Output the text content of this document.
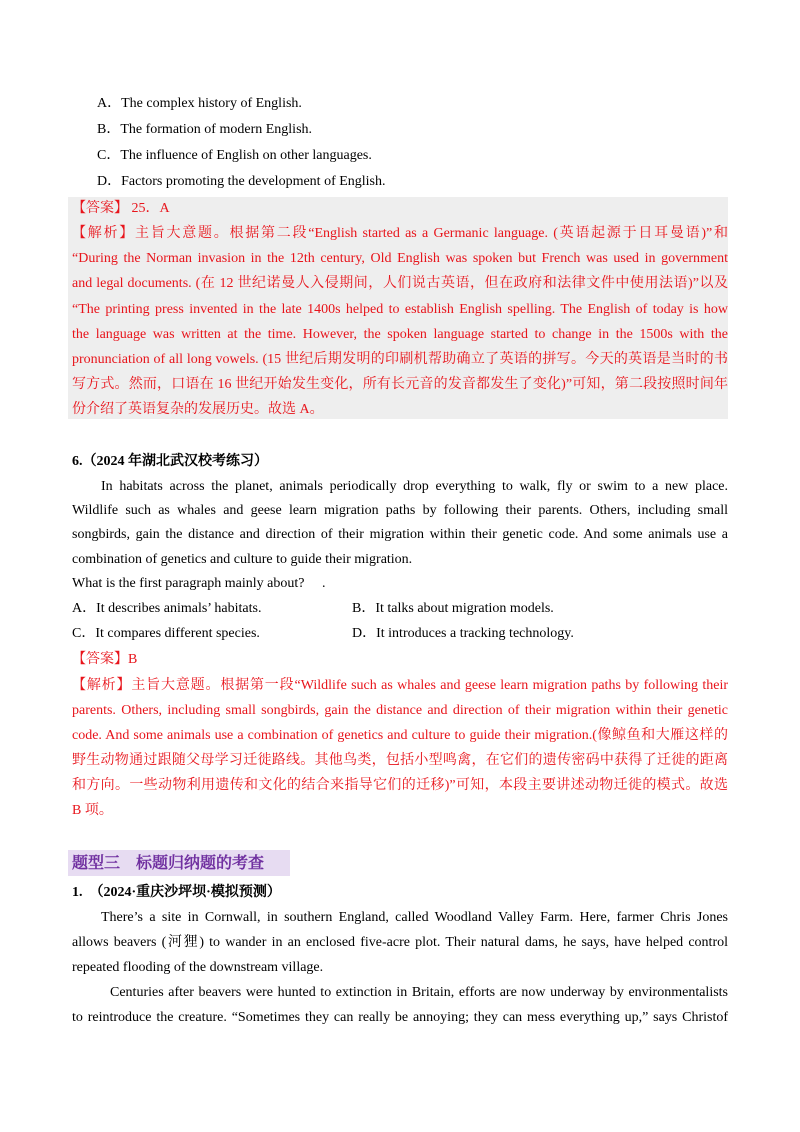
A．The complex history of English.
B．The formation of modern English.
C．The influence of English on other languages.
D．Factors promoting the development of English.
【答案】 25．A
【解析】主旨大意题。根据第二段“English started as a Germanic language. (英语起源于日耳曼语)”和
“During the Norman invasion in the 12th century, Old English was spoken but French was used in government
and legal documents. (在 12 世纪诺曼人入侵期间，人们说古英语，但在政府和法律文件中使用法语)”以及
“The printing press invented in the late 1400s helped to establish English spelling. The English of today is how
the language was written at the time. However, the spoken language started to change in the 1500s with the
pronunciation of all long vowels. (15 世纪后期发明的印刷机帮助确立了英语的拼写。今天的英语是当时的书
写方式。然而，口语在 16 世纪开始发生变化，所有长元音的发音都发生了变化)”可知，第二段按照时间年
份介绍了英语复杂的发展历史。故选 A。
6.（2024 年湖北武汉校考练习）
In habitats across the planet, animals periodically drop everything to walk, fly or swim to a new place.
Wildlife such as whales and geese learn migration paths by following their parents. Others, including small
songbirds, gain the distance and direction of their migration within their genetic code. And some animals use a
combination of genetics and culture to guide their migration.
What is the first paragraph mainly about?　 .
A．It describes animals’ habitats.	B．It talks about migration models.
C．It compares different species.	D．It introduces a tracking technology.
【答案】B
【解析】主旨大意题。根据第一段“Wildlife such as whales and geese learn migration paths by following their
parents. Others, including small songbirds, gain the distance and direction of their migration within their genetic
code. And some animals use a combination of genetics and culture to guide their migration.(像鲸鱼和大雁这样的
野生动物通过跟随父母学习迁徙路线。其他鸟类，包括小型鸣禽，在它们的遗传密码中获得了迁徙的距离
和方向。一些动物利用遗传和文化的结合来指导它们的迁移)”可知，本段主要讲述动物迁徙的模式。故选
B 项。
题型三　标题归纳题的考查
1.　（2024·重庆沙坪坝·模拟预测）
There’s a site in Cornwall, in southern England, called Woodland Valley Farm. Here, farmer Chris Jones
allows beavers (河狸) to wander in an enclosed five-acre plot. Their natural dams, he says, have helped control
repeated flooding of the downstream village.
Centuries after beavers were hunted to extinction in Britain, efforts are now underway by environmentalists
to reintroduce the creature. “Sometimes they can really be annoying; they can mess everything up,” says Christof
